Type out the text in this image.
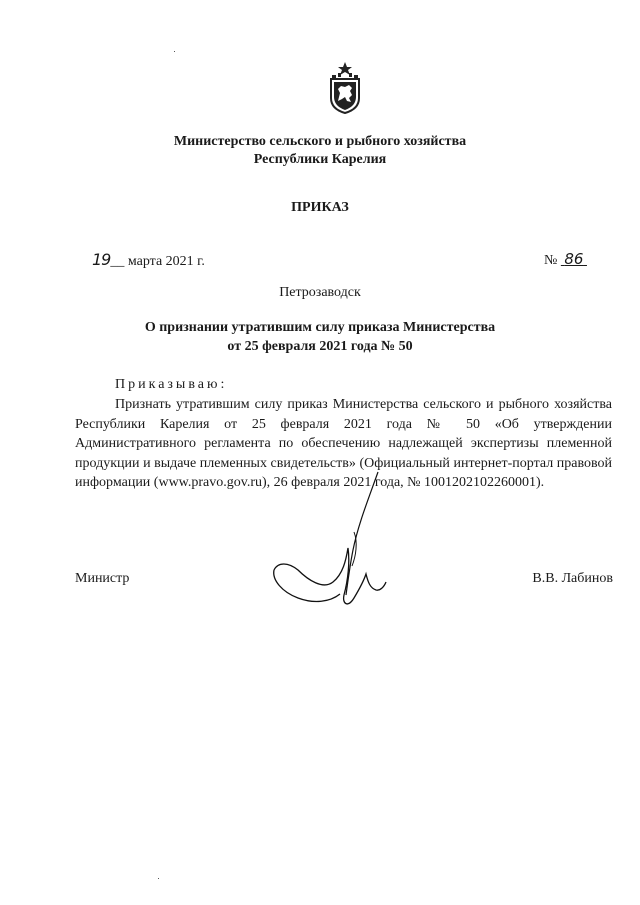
Министерство сельского и рыбного хозяйства
Республики Карелия
ПРИКАЗ
19__ марта 2021 г.	№ 86
Петрозаводск
О признании утратившим силу приказа Министерства
от 25 февраля 2021 года № 50
Приказываю:
Признать утратившим силу приказ Министерства сельского и рыбного хозяйства Республики Карелия от 25 февраля 2021 года № 50 «Об утверждении Административного регламента по обеспечению надлежащей экспертизы племенной продукции и выдаче племенных свидетельств» (Официальный интернет-портал правовой информации (www.pravo.gov.ru), 26 февраля 2021 года, № 1001202102260001).
Министр	В.В. Лабинов
